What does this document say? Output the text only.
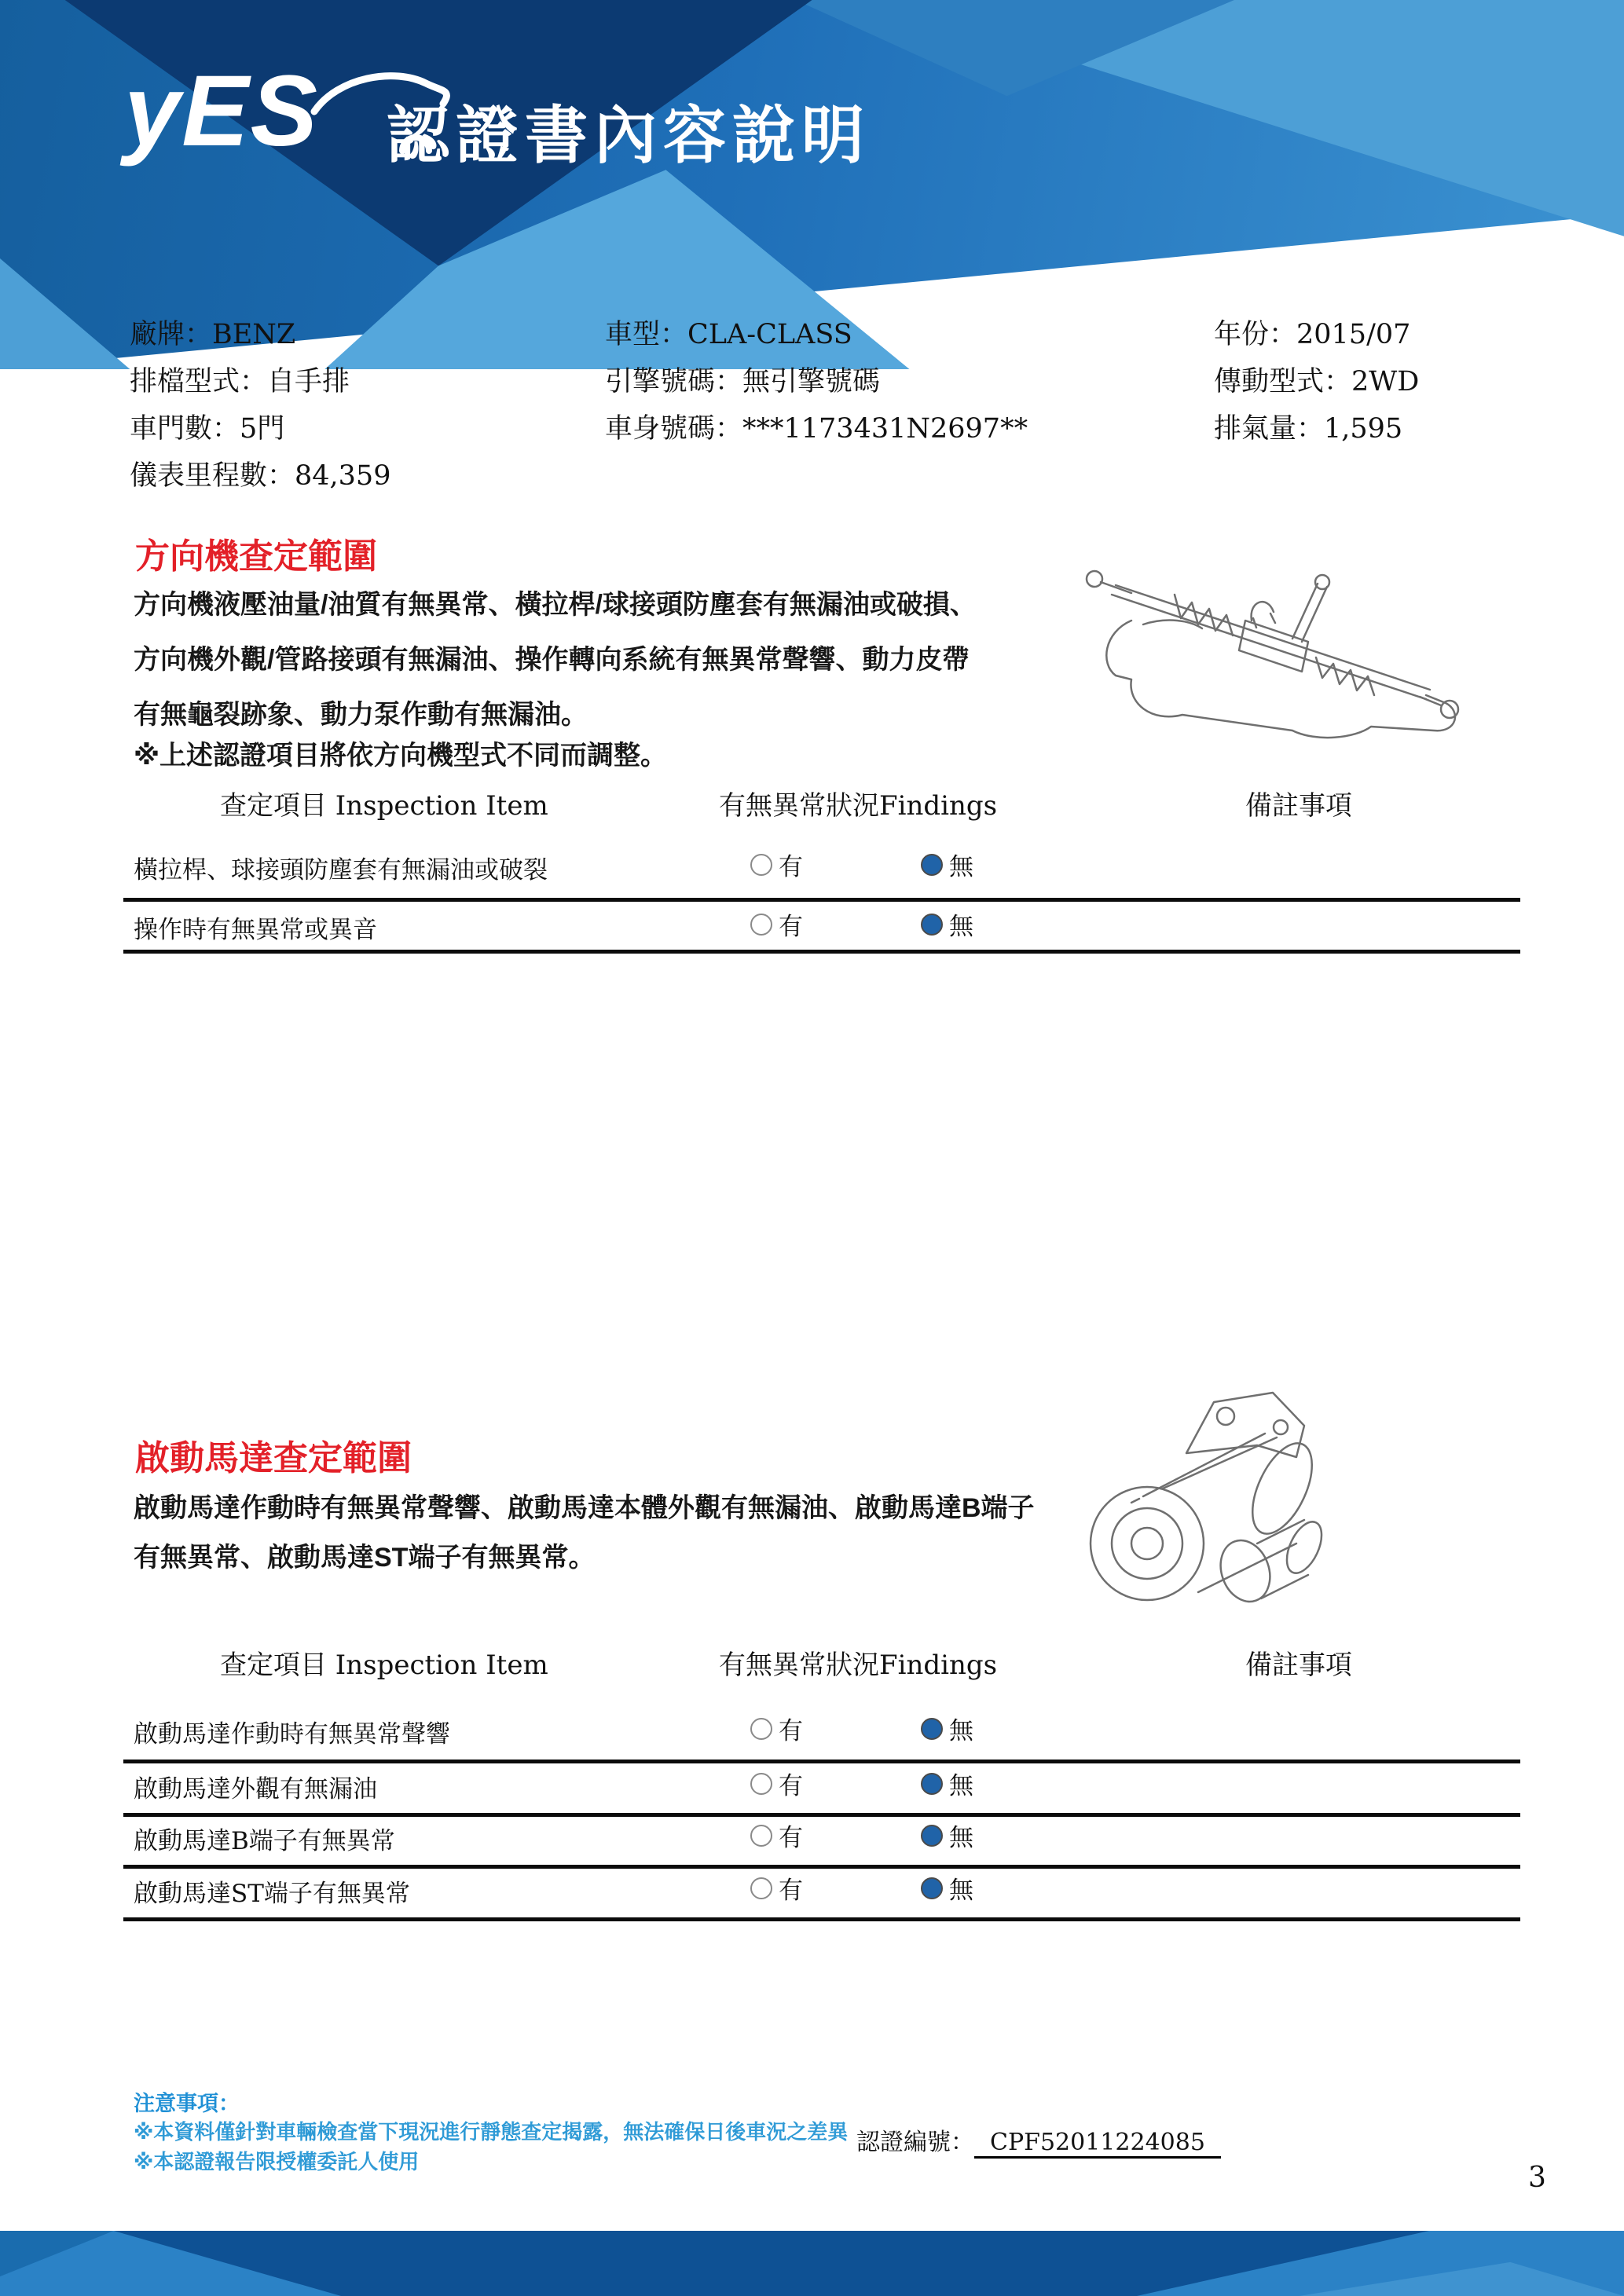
yES 認證書內容說明
廠牌：BENZ
排檔型式：自手排
車門數：5門
儀表里程數：84,359
車型：CLA-CLASS
引擎號碼：無引擎號碼
車身號碼：***1173431N2697**
年份：2015/07
傳動型式：2WD
排氣量：1,595
方向機查定範圍
方向機液壓油量/油質有無異常、橫拉桿/球接頭防塵套有無漏油或破損、
方向機外觀/管路接頭有無漏油、操作轉向系統有無異常聲響、動力皮帶
有無龜裂跡象、動力泵作動有無漏油。
※上述認證項目將依方向機型式不同而調整。
查定項目 Inspection Item	有無異常狀況Findings	備註事項
橫拉桿、球接頭防塵套有無漏油或破裂	有	無
操作時有無異常或異音	有	無
啟動馬達查定範圍
啟動馬達作動時有無異常聲響、啟動馬達本體外觀有無漏油、啟動馬達B端子
有無異常、啟動馬達ST端子有無異常。
查定項目 Inspection Item	有無異常狀況Findings	備註事項
啟動馬達作動時有無異常聲響	有	無
啟動馬達外觀有無漏油	有	無
啟動馬達B端子有無異常	有	無
啟動馬達ST端子有無異常	有	無
注意事項：
※本資料僅針對車輛檢查當下現況進行靜態查定揭露，無法確保日後車況之差異
※本認證報告限授權委託人使用
認證編號： CPF52011224085
3
